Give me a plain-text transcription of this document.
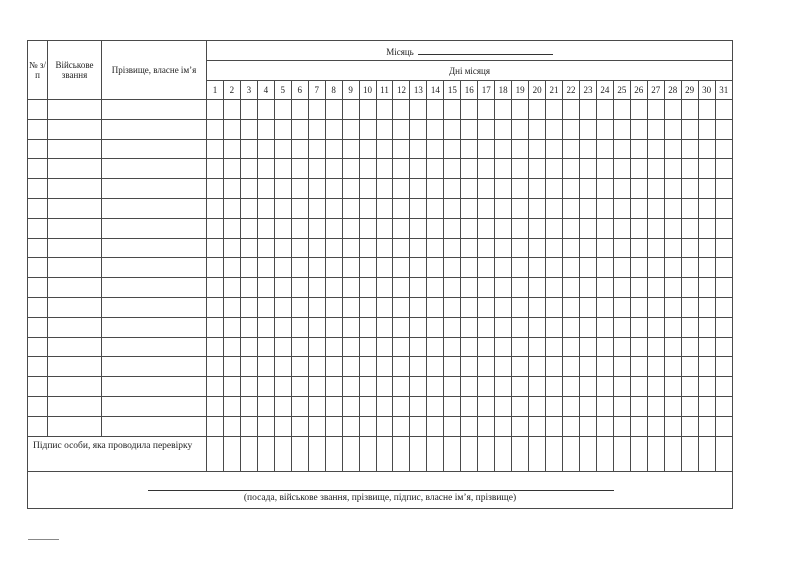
№ з/п	Військове звання	Прізвище, власне ім’я	Місяць																														
			Дні місяця																														
			1	2	3	4	5	6	7	8	9	10	11	12	13	14	15	16	17	18	19	20	21	22	23	24	25	26	27	28	29	30	31

Підпис особи, яка проводила перевірку																																	

(посада, військове звання, прізвище, підпис, власне ім’я, прізвище)																																	
